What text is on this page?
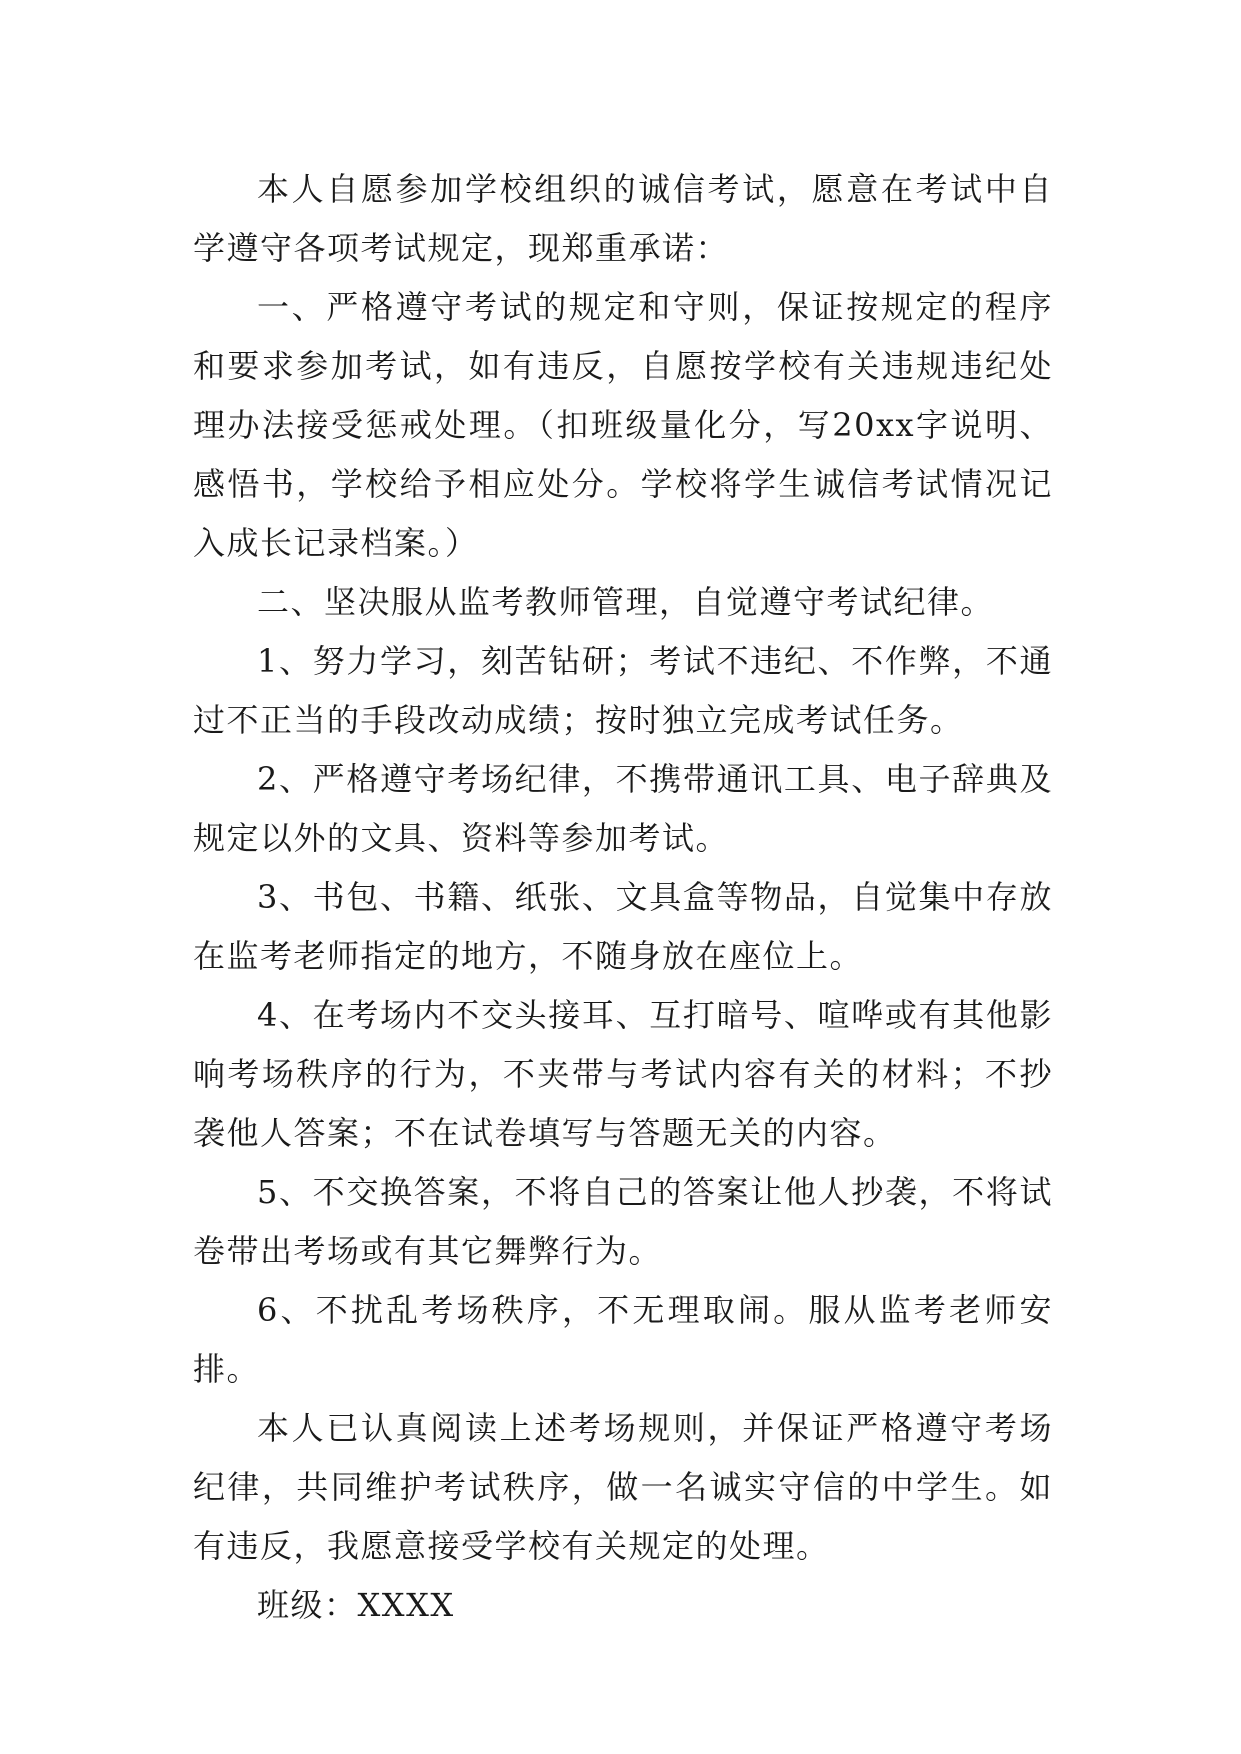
本人自愿参加学校组织的诚信考试，愿意在考试中自学遵守各项考试规定，现郑重承诺：

一、严格遵守考试的规定和守则，保证按规定的程序和要求参加考试，如有违反，自愿按学校有关违规违纪处理办法接受惩戒处理。（扣班级量化分，写20xx字说明、感悟书，学校给予相应处分。学校将学生诚信考试情况记入成长记录档案。）

二、坚决服从监考教师管理，自觉遵守考试纪律。

1、努力学习，刻苦钻研；考试不违纪、不作弊，不通过不正当的手段改动成绩；按时独立完成考试任务。

2、严格遵守考场纪律，不携带通讯工具、电子辞典及规定以外的文具、资料等参加考试。

3、书包、书籍、纸张、文具盒等物品，自觉集中存放在监考老师指定的地方，不随身放在座位上。

4、在考场内不交头接耳、互打暗号、喧哗或有其他影响考场秩序的行为，不夹带与考试内容有关的材料；不抄袭他人答案；不在试卷填写与答题无关的内容。

5、不交换答案，不将自己的答案让他人抄袭，不将试卷带出考场或有其它舞弊行为。

6、不扰乱考场秩序，不无理取闹。服从监考老师安排。

本人已认真阅读上述考场规则，并保证严格遵守考场纪律，共同维护考试秩序，做一名诚实守信的中学生。如有违反，我愿意接受学校有关规定的处理。

班级：XXXX
